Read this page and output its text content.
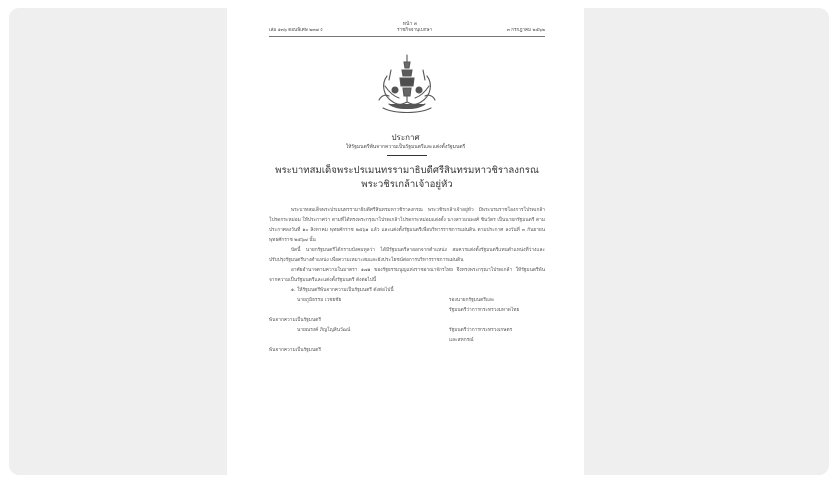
หน้า ๓
เล่ม ๑๓๖ ตอนพิเศษ ๒๓๗ ง	ราชกิจจานุเบกษา	๓ กรกฎาคม ๒๕๖๒
ประกาศ
ให้รัฐมนตรีพ้นจากความเป็นรัฐมนตรีและแต่งตั้งรัฐมนตรี
พระบาทสมเด็จพระปรเมนทรรามาธิบดีศรีสินทรมหาวชิราลงกรณ
พระวชิรเกล้าเจ้าอยู่หัว

พระบาทสมเด็จพระปรเมนทรรามาธิบดีศรีสินทรมหาวชิราลงกรณ พระวชิรเกล้าเจ้าอยู่หัว มีพระบรมราชโองการโปรดเกล้าโปรดกระหม่อม ให้ประกาศว่า ตามที่ได้ทรงพระกรุณาโปรดเกล้าโปรดกระหม่อมแต่งตั้ง นางสาวมนพงศ์ ชินวัตร เป็นนายกรัฐมนตรี ตามประกาศลงวันที่ ๑๐ สิงหาคม พุทธศักราช ๒๕๖๑ แล้ว และแต่งตั้งรัฐมนตรีเพื่อบริหารราชการแผ่นดิน ตามประกาศ ลงวันที่ ๓ กันยายน พุทธศักราช ๒๕๖๗ นั้น

บัดนี้ นายกรัฐมนตรีได้กราบบังคมทูลว่า ได้มีรัฐมนตรีลาออกจากตำแหน่ง สมควรแต่งตั้งรัฐมนตรีแทนตำแหน่งที่ว่างและปรับปรุงรัฐมนตรีบางตำแหน่ง เพื่อความเหมาะสมและยังประโยชน์ต่อการบริหารราชการแผ่นดิน

อาศัยอำนาจตามความในมาตรา ๑๗๑ ของรัฐธรรมนูญแห่งราชอาณาจักรไทย จึงทรงพระกรุณาโปรดเกล้า ให้รัฐมนตรีพ้นจากความเป็นรัฐมนตรีและแต่งตั้งรัฐมนตรี ดังต่อไปนี้

๑. ให้รัฐมนตรีพ้นจากความเป็นรัฐมนตรี ดังต่อไปนี้

นายภูมิธรรม เวชยชัย	รองนายกรัฐมนตรีและ
รัฐมนตรีว่าการกระทรวงมหาดไทย
พ้นจากความเป็นรัฐมนตรี
นายณรงค์ ภิญโญสินวัฒน์	รัฐมนตรีว่าการกระทรวงเกษตร
และสหกรณ์
พ้นจากความเป็นรัฐมนตรี
